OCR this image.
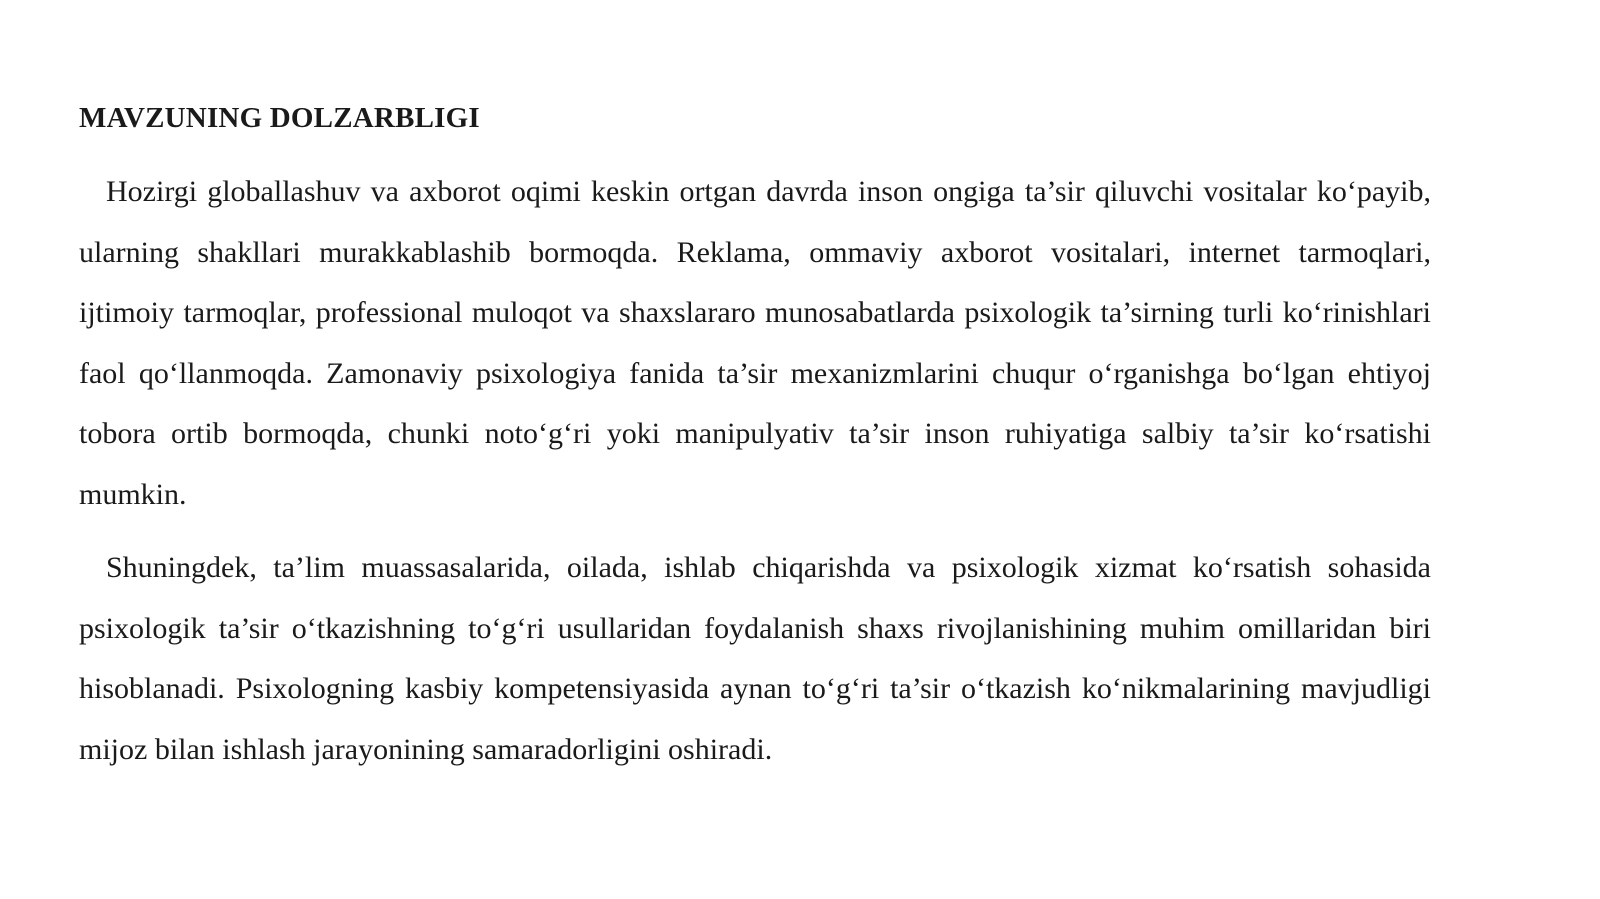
MAVZUNING DOLZARBLIGI

Hozirgi globallashuv va axborot oqimi keskin ortgan davrda inson ongiga ta’sir qiluvchi vositalar ko‘payib, ularning shakllari murakkablashib bormoqda. Reklama, ommaviy axborot vositalari, internet tarmoqlari, ijtimoiy tarmoqlar, professional muloqot va shaxslararo munosabatlarda psixologik ta’sirning turli ko‘rinishlari faol qo‘llanmoqda. Zamonaviy psixologiya fanida ta’sir mexanizmlarini chuqur o‘rganishga bo‘lgan ehtiyoj tobora ortib bormoqda, chunki noto‘g‘ri yoki manipulyativ ta’sir inson ruhiyatiga salbiy ta’sir ko‘rsatishi mumkin.

Shuningdek, ta’lim muassasalarida, oilada, ishlab chiqarishda va psixologik xizmat ko‘rsatish sohasida psixologik ta’sir o‘tkazishning to‘g‘ri usullaridan foydalanish shaxs rivojlanishining muhim omillaridan biri hisoblanadi. Psixologning kasbiy kompetensiyasida aynan to‘g‘ri ta’sir o‘tkazish ko‘nikmalarining mavjudligi mijoz bilan ishlash jarayonining samaradorligini oshiradi.
